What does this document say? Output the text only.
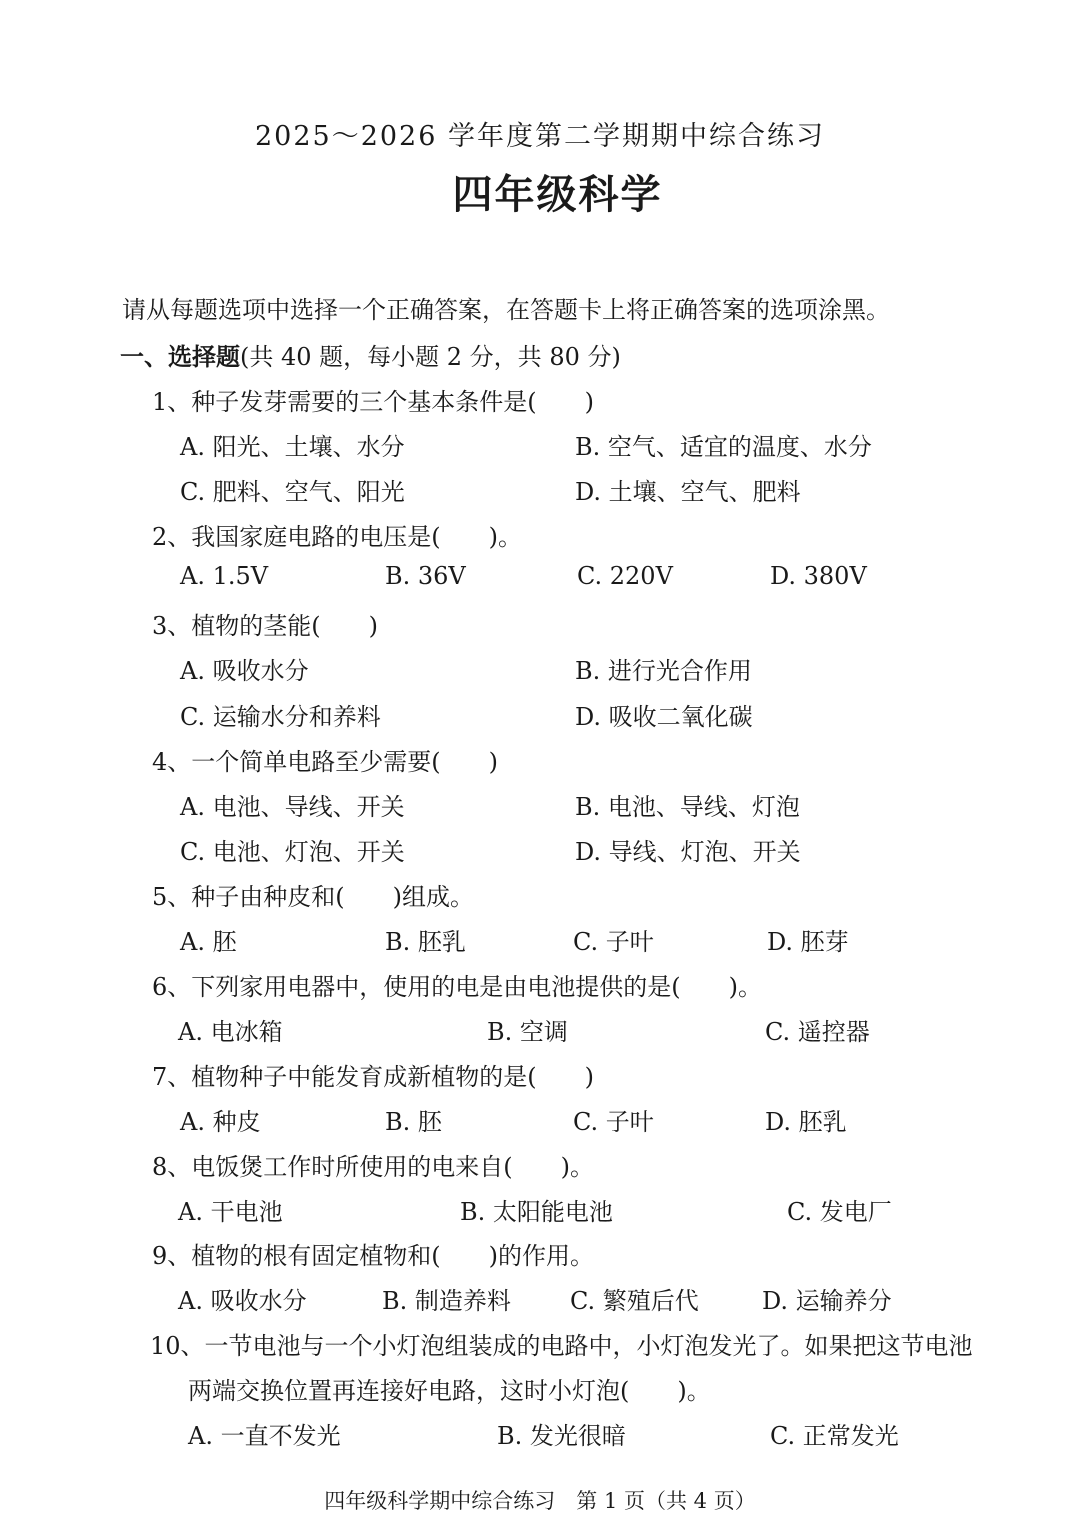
2025～2026 学年度第二学期期中综合练习
四年级科学
请从每题选项中选择一个正确答案，在答题卡上将正确答案的选项涂黑。
一、选择题(共 40 题，每小题 2 分，共 80 分)
1、种子发芽需要的三个基本条件是(　　)
A. 阳光、土壤、水分	B. 空气、适宜的温度、水分
C. 肥料、空气、阳光	D. 土壤、空气、肥料
2、我国家庭电路的电压是(　　)。
A. 1.5V	B. 36V	C. 220V	D. 380V
3、植物的茎能(　　)
A. 吸收水分	B. 进行光合作用
C. 运输水分和养料	D. 吸收二氧化碳
4、一个简单电路至少需要(　　)
A. 电池、导线、开关	B. 电池、导线、灯泡
C. 电池、灯泡、开关	D. 导线、灯泡、开关
5、种子由种皮和(　　)组成。
A. 胚	B. 胚乳	C. 子叶	D. 胚芽
6、下列家用电器中，使用的电是由电池提供的是(　　)。
A. 电冰箱	B. 空调	C. 遥控器
7、植物种子中能发育成新植物的是(　　)
A. 种皮	B. 胚	C. 子叶	D. 胚乳
8、电饭煲工作时所使用的电来自(　　)。
A. 干电池	B. 太阳能电池	C. 发电厂
9、植物的根有固定植物和(　　)的作用。
A. 吸收水分	B. 制造养料 C. 繁殖后代	D. 运输养分
10、一节电池与一个小灯泡组装成的电路中，小灯泡发光了。如果把这节电池
两端交换位置再连接好电路，这时小灯泡(　　)。
A. 一直不发光	B. 发光很暗	C. 正常发光
四年级科学期中综合练习　第 1 页（共 4 页）
